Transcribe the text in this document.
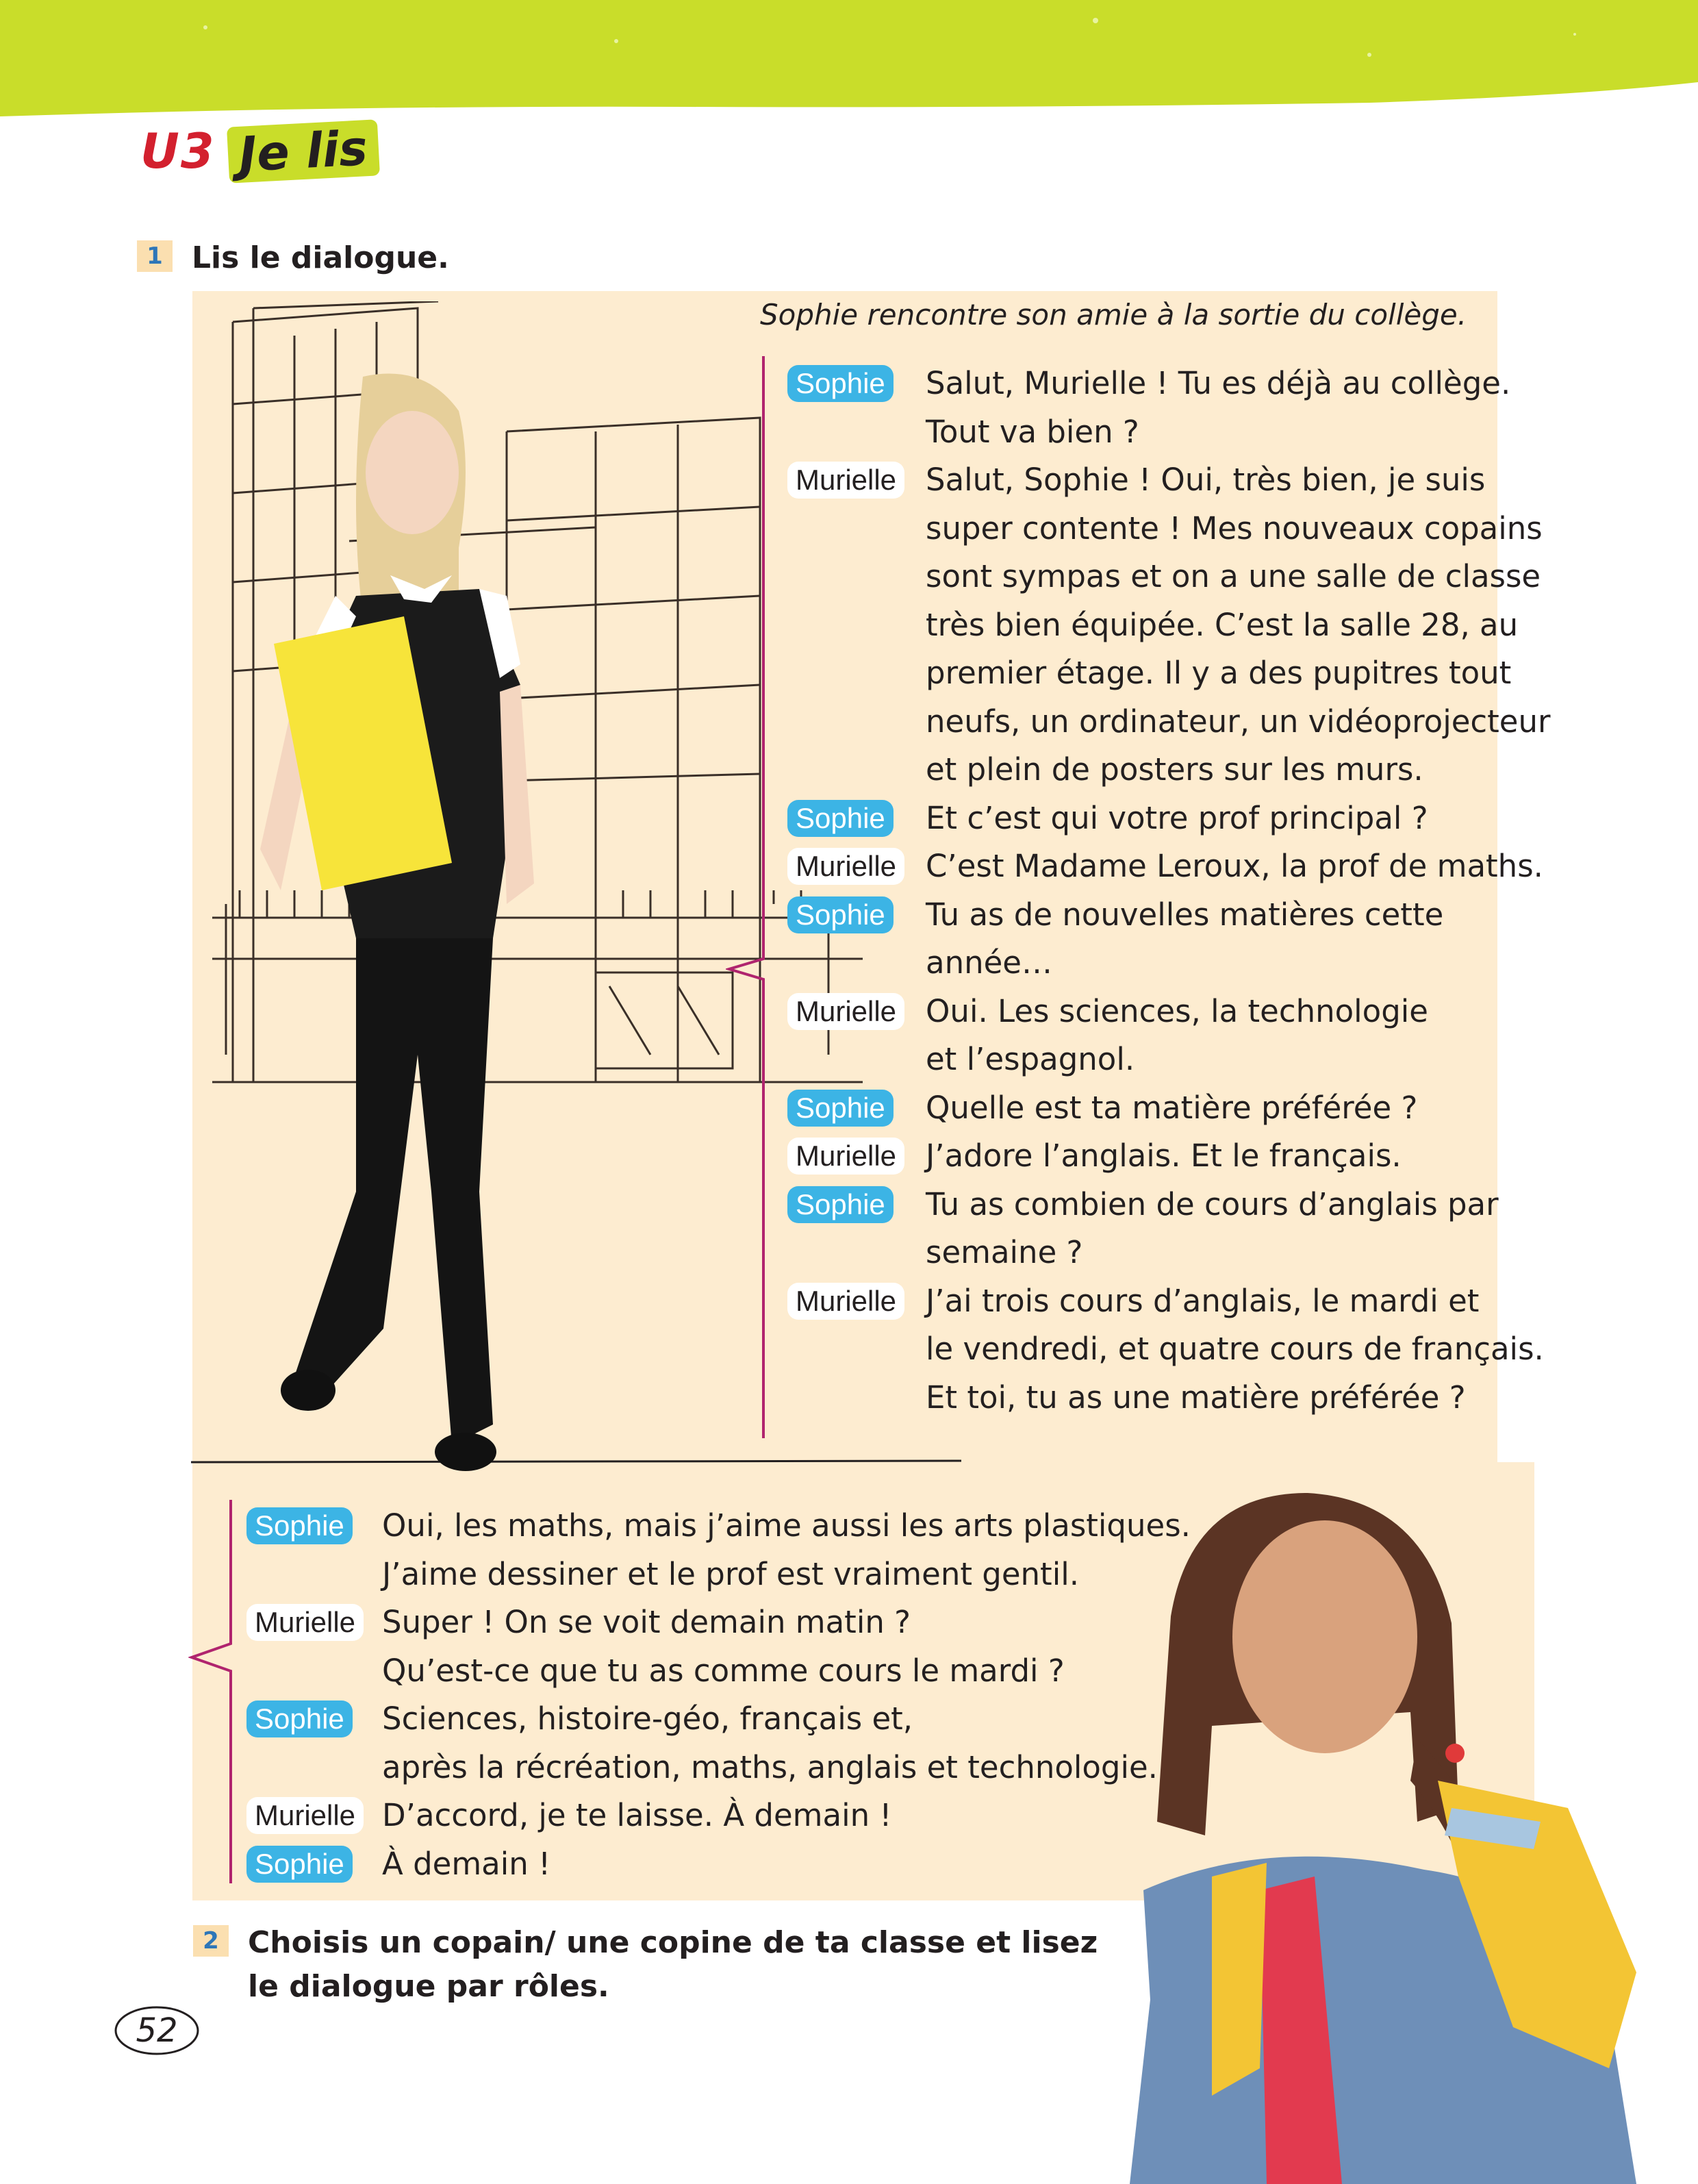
U3 Je lis
1 Lis le dialogue.
Sophie rencontre son amie à la sortie du collège.
Sophie	Salut, Murielle ! Tu es déjà au collège.
Tout va bien ?
Murielle Salut, Sophie ! Oui, très bien, je suis
super contente ! Mes nouveaux copains
sont sympas et on a une salle de classe
très bien équipée. C’est la salle 28, au
premier étage. Il y a des pupitres tout
neufs, un ordinateur, un vidéoprojecteur
et plein de posters sur les murs.
Sophie	Et c’est qui votre prof principal ?
Murielle C’est Madame Leroux, la prof de maths.
Sophie	Tu as de nouvelles matières cette
année…
Murielle Oui. Les sciences, la technologie
et l’espagnol.
Sophie	Quelle est ta matière préférée ?
Murielle J’adore l’anglais. Et le français.
Sophie	Tu as combien de cours d’anglais par
semaine ?
Murielle J’ai trois cours d’anglais, le mardi et
le vendredi, et quatre cours de français.
Et toi, tu as une matière préférée ?
Sophie	Oui, les maths, mais j’aime aussi les arts plastiques.
J’aime dessiner et le prof est vraiment gentil.
Murielle Super ! On se voit demain matin ?
Qu’est-ce que tu as comme cours le mardi ?
Sophie	Sciences, histoire-géo, français et,
après la récréation, maths, anglais et technologie.
Murielle D’accord, je te laisse. À demain !
Sophie	À demain !
2 Choisis un copain/ une copine de ta classe et lisez
le dialogue par rôles.
52
